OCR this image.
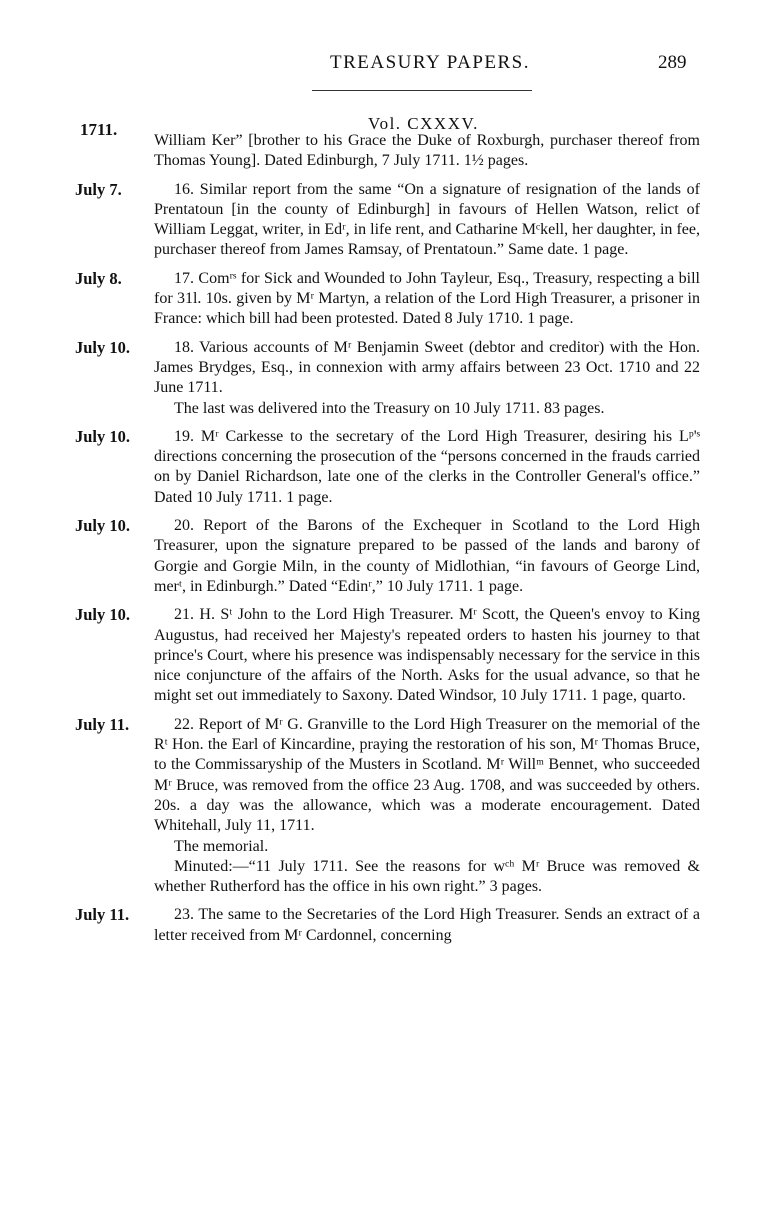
TREASURY PAPERS.	289
Vol. CXXXV.
1711.

William Ker” [brother to his Grace the Duke of Roxburgh, purchaser thereof from Thomas Young]. Dated Edinburgh, 7 July 1711. 1½ pages.

July 7.	16. Similar report from the same “On a signature of resignation of the lands of Prentatoun [in the county of Edinburgh] in favours of Hellen Watson, relict of William Leggat, writer, in Edʳ, in life rent, and Catharine Mᶜkell, her daughter, in fee, purchaser thereof from James Ramsay, of Prentatoun.” Same date. 1 page.

July 8.	17. Comʳˢ for Sick and Wounded to John Tayleur, Esq., Treasury, respecting a bill for 31l. 10s. given by Mʳ Martyn, a relation of the Lord High Treasurer, a prisoner in France: which bill had been protested. Dated 8 July 1710. 1 page.

July 10.	18. Various accounts of Mʳ Benjamin Sweet (debtor and creditor) with the Hon. James Brydges, Esq., in connexion with army affairs between 23 Oct. 1710 and 22 June 1711.

The last was delivered into the Treasury on 10 July 1711. 83 pages.

July 10.	19. Mʳ Carkesse to the secretary of the Lord High Treasurer, desiring his Lᵖ'ˢ directions concerning the prosecution of the “persons concerned in the frauds carried on by Daniel Richardson, late one of the clerks in the Controller General's office.” Dated 10 July 1711. 1 page.

July 10.	20. Report of the Barons of the Exchequer in Scotland to the Lord High Treasurer, upon the signature prepared to be passed of the lands and barony of Gorgie and Gorgie Miln, in the county of Midlothian, “in favours of George Lind, merᵗ, in Edinburgh.” Dated “Edinʳ,” 10 July 1711. 1 page.

July 10.	21. H. Sᵗ John to the Lord High Treasurer. Mʳ Scott, the Queen's envoy to King Augustus, had received her Majesty's repeated orders to hasten his journey to that prince's Court, where his presence was indispensably necessary for the service in this nice conjuncture of the affairs of the North. Asks for the usual advance, so that he might set out immediately to Saxony. Dated Windsor, 10 July 1711. 1 page, quarto.

July 11.	22. Report of Mʳ G. Granville to the Lord High Treasurer on the memorial of the Rᵗ Hon. the Earl of Kincardine, praying the restoration of his son, Mʳ Thomas Bruce, to the Commissaryship of the Musters in Scotland. Mʳ Willᵐ Bennet, who succeeded Mʳ Bruce, was removed from the office 23 Aug. 1708, and was succeeded by others. 20s. a day was the allowance, which was a moderate encouragement. Dated Whitehall, July 11, 1711.

The memorial.

Minuted:—“11 July 1711. See the reasons for wᶜʰ Mʳ Bruce was removed & whether Rutherford has the office in his own right.” 3 pages.

July 11.	23. The same to the Secretaries of the Lord High Treasurer. Sends an extract of a letter received from Mʳ Cardonnel, concerning
